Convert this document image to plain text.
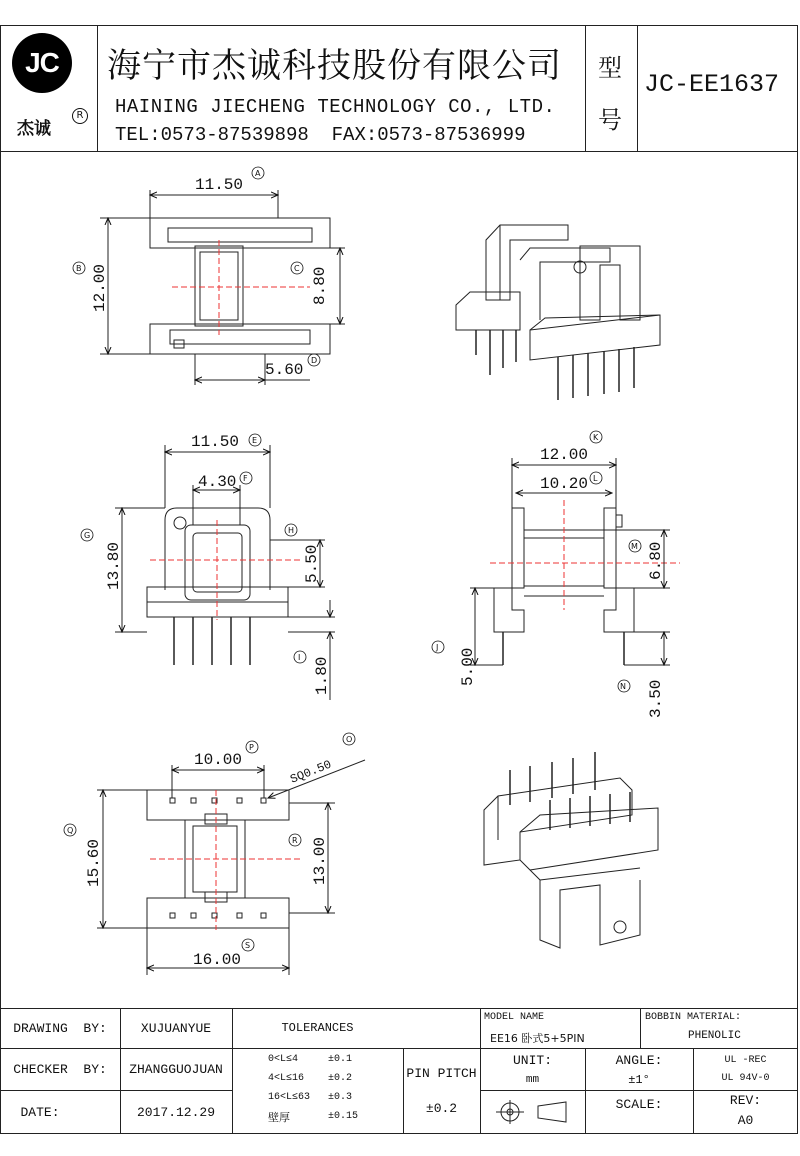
JC
杰诚
R
海宁市杰诚科技股份有限公司
HAINING JIECHENG TECHNOLOGY CO., LTD.
TEL:0573-87539898  FAX:0573-87536999
型
号
JC-EE1637
11.50
12.00	8.80
5.60
11.50
4.30
13.80	5.50
1.80
12.00
10.20
6.80
5.00
3.50
10.00	SQ0.50
15.60	13.00
16.00
A
B	C
D
E
F
G
H
I
K
L
M
J
N
O
P
Q
R
S
DRAWING  BY:	XUJUANYUE
CHECKER  BY:	ZHANGGUOJUAN
DATE:	2017.12.29
TOLERANCES
0<L≤4	±0.1
4<L≤16	±0.2
16<L≤63	±0.3
壁厚	±0.15
PIN PITCH
±0.2
MODEL NAME
EE16 卧式5+5PIN
BOBBIN MATERIAL:
PHENOLIC
UNIT:
mm
ANGLE:
±1°
UL -REC
UL 94V-0
SCALE:	REV:
A0
